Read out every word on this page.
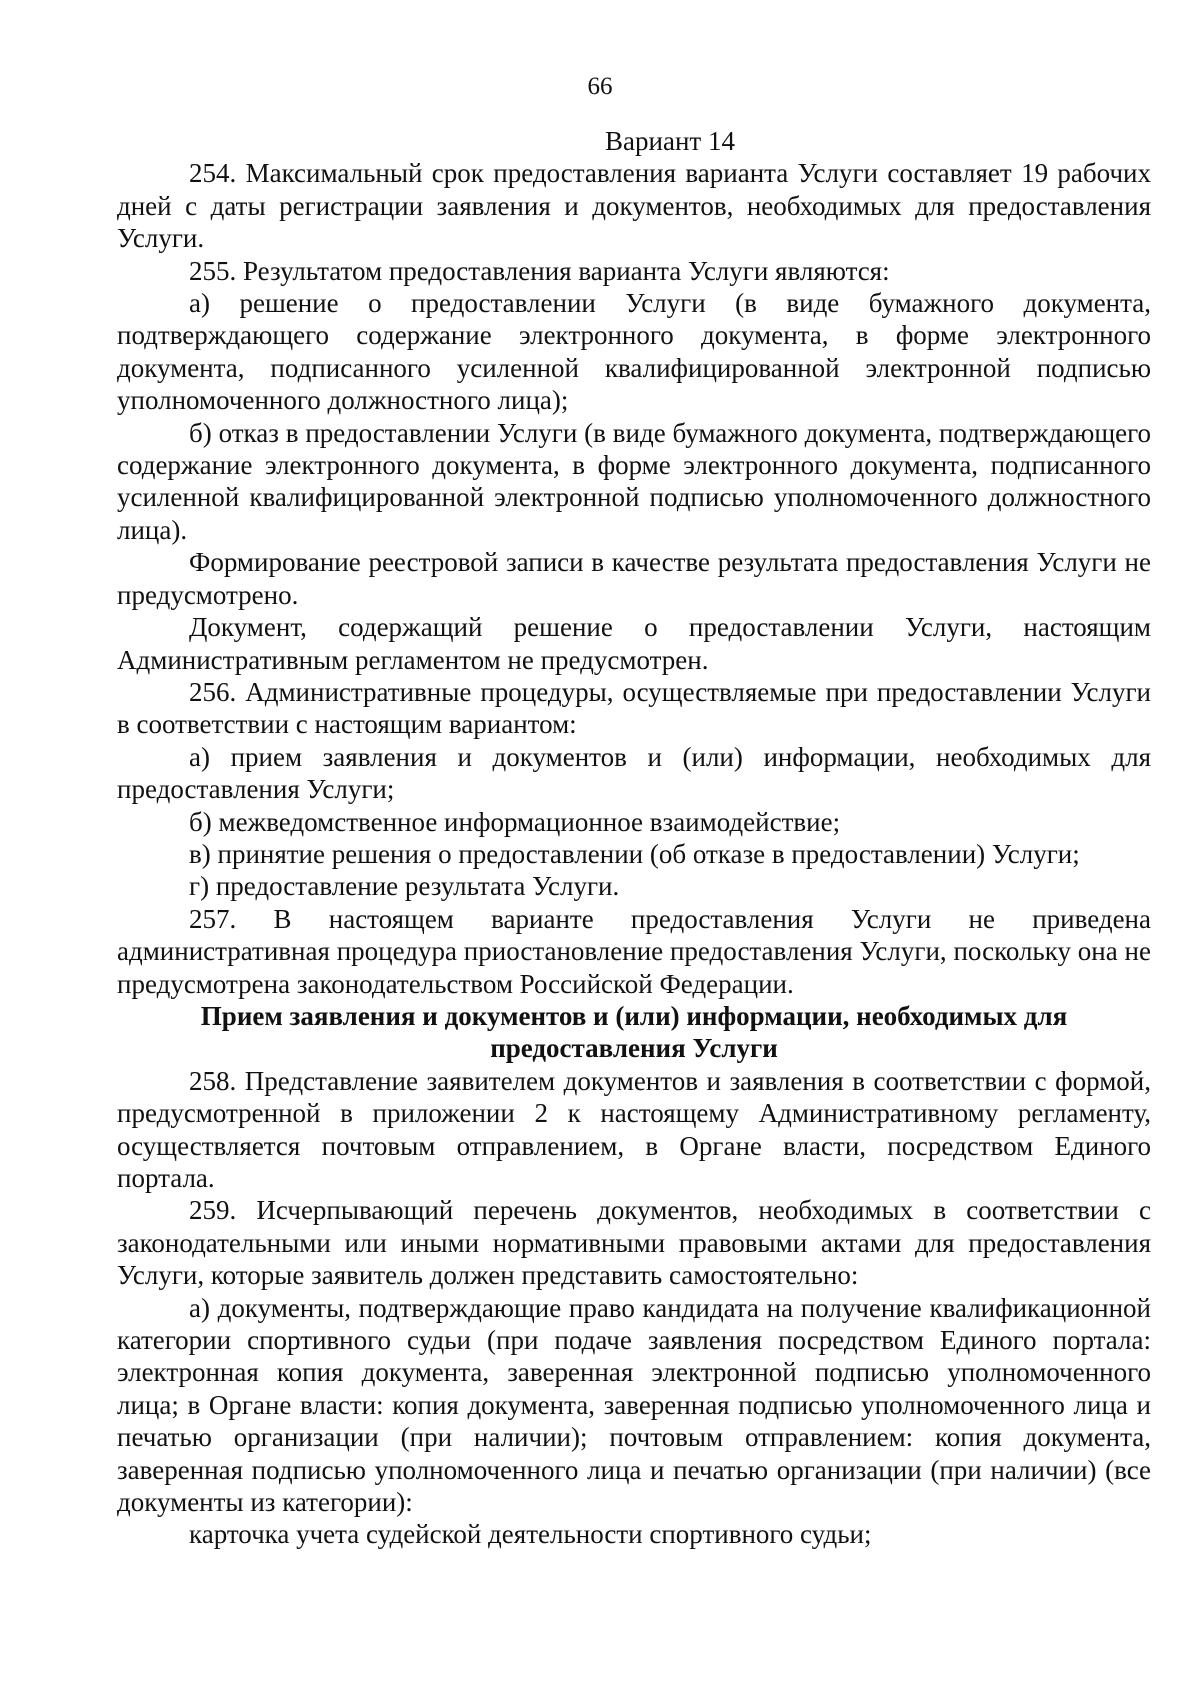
66

Вариант 14

254. Максимальный срок предоставления варианта Услуги составляет 19 рабочих дней с даты регистрации заявления и документов, необходимых для предоставления Услуги.

255. Результатом предоставления варианта Услуги являются:

а) решение о предоставлении Услуги (в виде бумажного документа, подтверждающего содержание электронного документа, в форме электронного документа, подписанного усиленной квалифицированной электронной подписью уполномоченного должностного лица);

б) отказ в предоставлении Услуги (в виде бумажного документа, подтверждающего содержание электронного документа, в форме электронного документа, подписанного усиленной квалифицированной электронной подписью уполномоченного должностного лица).

Формирование реестровой записи в качестве результата предоставления Услуги не предусмотрено.

Документ, содержащий решение о предоставлении Услуги, настоящим Административным регламентом не предусмотрен.

256. Административные процедуры, осуществляемые при предоставлении Услуги в соответствии с настоящим вариантом:

а) прием заявления и документов и (или) информации, необходимых для предоставления Услуги;

б) межведомственное информационное взаимодействие;

в) принятие решения о предоставлении (об отказе в предоставлении) Услуги;

г) предоставление результата Услуги.

257. В настоящем варианте предоставления Услуги не приведена административная процедура приостановление предоставления Услуги, поскольку она не предусмотрена законодательством Российской Федерации.

Прием заявления и документов и (или) информации, необходимых для предоставления Услуги

258. Представление заявителем документов и заявления в соответствии с формой, предусмотренной в приложении 2 к настоящему Административному регламенту, осуществляется почтовым отправлением, в Органе власти, посредством Единого портала.

259. Исчерпывающий перечень документов, необходимых в соответствии с законодательными или иными нормативными правовыми актами для предоставления Услуги, которые заявитель должен представить самостоятельно:

а) документы, подтверждающие право кандидата на получение квалификационной категории спортивного судьи (при подаче заявления посредством Единого портала: электронная копия документа, заверенная электронной подписью уполномоченного лица; в Органе власти: копия документа, заверенная подписью уполномоченного лица и печатью организации (при наличии); почтовым отправлением: копия документа, заверенная подписью уполномоченного лица и печатью организации (при наличии) (все документы из категории):

карточка учета судейской деятельности спортивного судьи;
